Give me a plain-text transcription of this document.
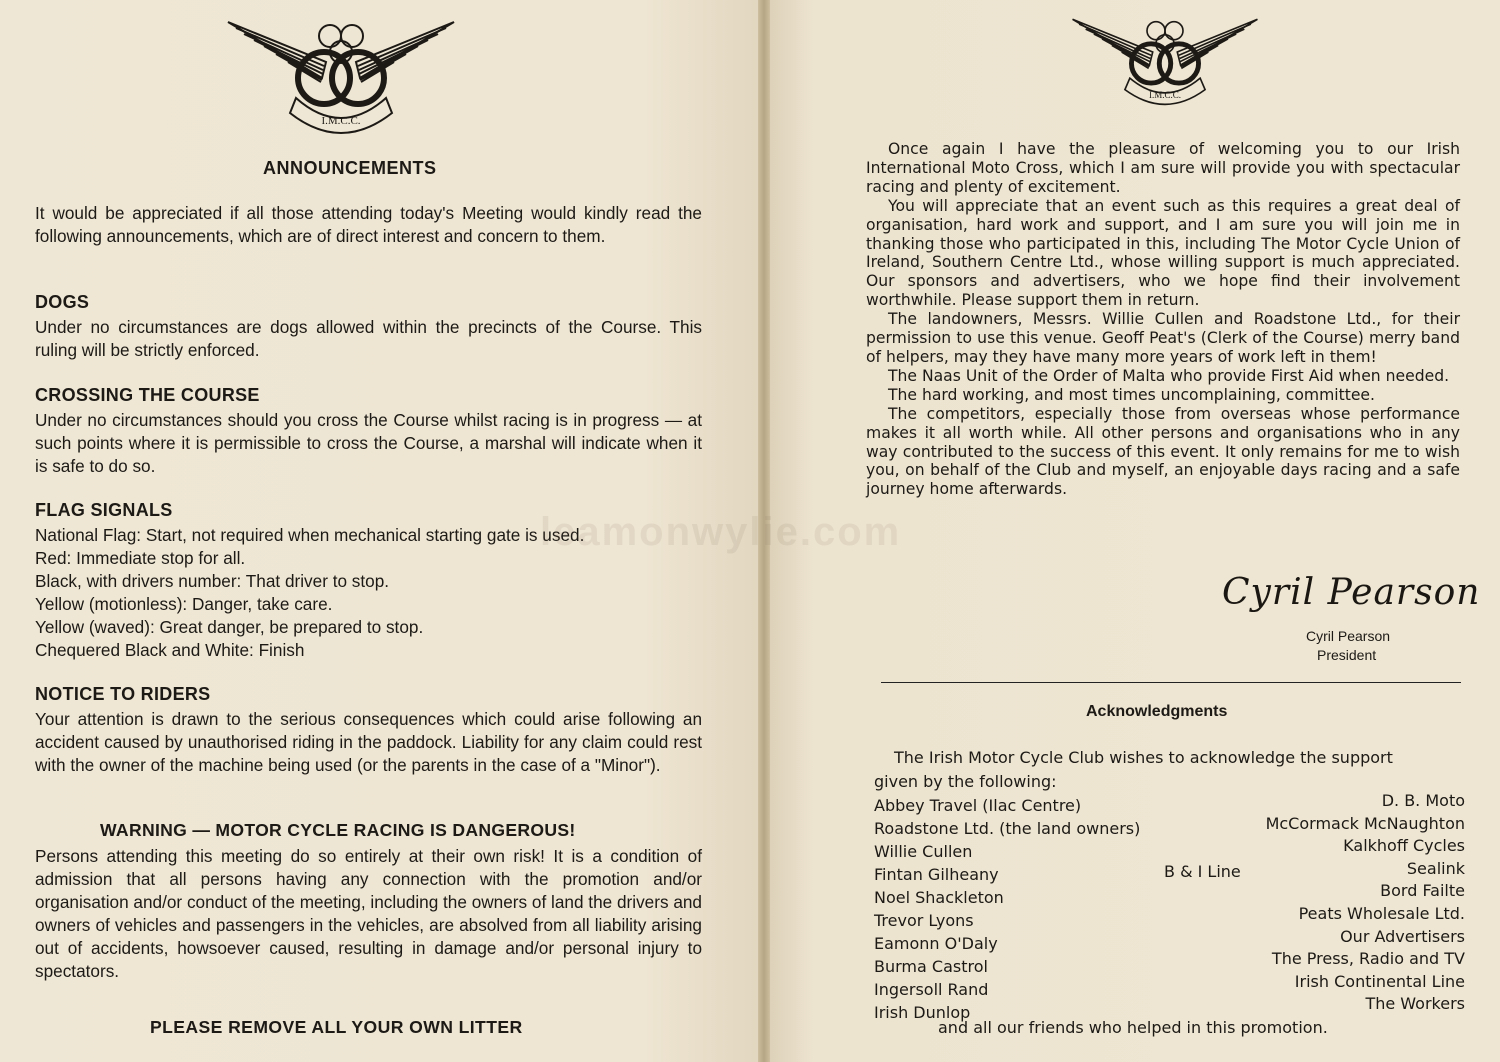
I.M.C.C.
ANNOUNCEMENTS
It would be appreciated if all those attending today's Meeting would kindly read the following announcements, which are of direct interest and concern to them.
DOGS
Under no circumstances are dogs allowed within the precincts of the Course. This ruling will be strictly enforced.
CROSSING THE COURSE
Under no circumstances should you cross the Course whilst racing is in progress — at such points where it is permissible to cross the Course, a marshal will indicate when it is safe to do so.
FLAG SIGNALS
National Flag: Start, not required when mechanical starting gate is used.
Red: Immediate stop for all.
Black, with drivers number: That driver to stop.
Yellow (motionless): Danger, take care.
Yellow (waved): Great danger, be prepared to stop.
Chequered Black and White: Finish
NOTICE TO RIDERS
Your attention is drawn to the serious consequences which could arise following an accident caused by unauthorised riding in the paddock. Liability for any claim could rest with the owner of the machine being used (or the parents in the case of a "Minor").
WARNING — MOTOR CYCLE RACING IS DANGEROUS!
Persons attending this meeting do so entirely at their own risk! It is a condition of admission that all persons having any connection with the promotion and/or organisation and/or conduct of the meeting, including the owners of land the drivers and owners of vehicles and passengers in the vehicles, are absolved from all liability arising out of accidents, howsoever caused, resulting in damage and/or personal injury to spectators.
PLEASE REMOVE ALL YOUR OWN LITTER
leamonwylie.com
I.M.C.C.

Once again I have the pleasure of welcoming you to our Irish International Moto Cross, which I am sure will provide you with spectacular racing and plenty of excitement.

You will appreciate that an event such as this requires a great deal of organisation, hard work and support, and I am sure you will join me in thanking those who participated in this, including The Motor Cycle Union of Ireland, Southern Centre Ltd., whose willing support is much appreciated. Our sponsors and advertisers, who we hope find their involvement worthwhile. Please support them in return.

The landowners, Messrs. Willie Cullen and Roadstone Ltd., for their permission to use this venue. Geoff Peat's (Clerk of the Course) merry band of helpers, may they have many more years of work left in them!

The Naas Unit of the Order of Malta who provide First Aid when needed.

The hard working, and most times uncomplaining, committee.

The competitors, especially those from overseas whose performance makes it all worth while. All other persons and organisations who in any way contributed to the success of this event. It only remains for me to wish you, on behalf of the Club and myself, an enjoyable days racing and a safe journey home afterwards.

Cyril Pearson
Cyril Pearson
President
Acknowledgments
The Irish Motor Cycle Club wishes to acknowledge the support
given by the following:
Abbey Travel (Ilac Centre)
Roadstone Ltd. (the land owners)
Willie Cullen
Fintan Gilheany
Noel Shackleton
Trevor Lyons
Eamonn O'Daly
Burma Castrol
Ingersoll Rand
Irish Dunlop
B & I Line
D. B. Moto
McCormack McNaughton
Kalkhoff Cycles
Sealink
Bord Failte
Peats Wholesale Ltd.
Our Advertisers
The Press, Radio and TV
Irish Continental Line
The Workers
and all our friends who helped in this promotion.
